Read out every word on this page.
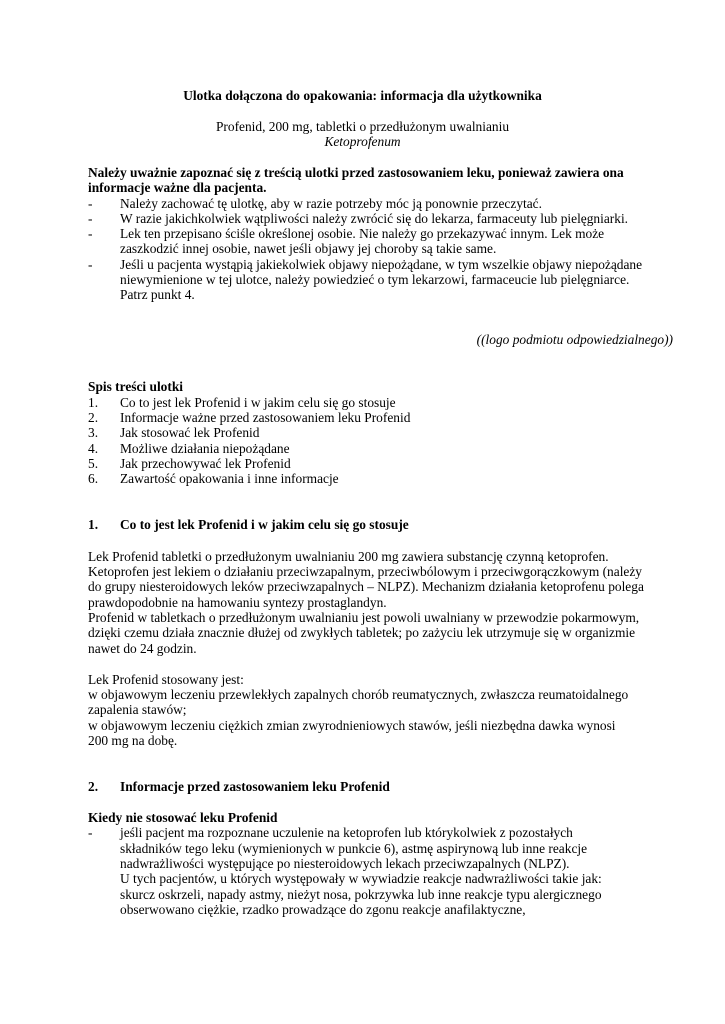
Ulotka dołączona do opakowania: informacja dla użytkownika
Profenid, 200 mg, tabletki o przedłużonym uwalnianiu
Ketoprofenum
Należy uważnie zapoznać się z treścią ulotki przed zastosowaniem leku, ponieważ zawiera ona
informacje ważne dla pacjenta.
- Należy zachować tę ulotkę, aby w razie potrzeby móc ją ponownie przeczytać.
- W razie jakichkolwiek wątpliwości należy zwrócić się do lekarza, farmaceuty lub pielęgniarki.
- Lek ten przepisano ściśle określonej osobie. Nie należy go przekazywać innym. Lek może
zaszkodzić innej osobie, nawet jeśli objawy jej choroby są takie same.
- Jeśli u pacjenta wystąpią jakiekolwiek objawy niepożądane, w tym wszelkie objawy niepożądane
niewymienione w tej ulotce, należy powiedzieć o tym lekarzowi, farmaceucie lub pielęgniarce.
Patrz punkt 4.
((logo podmiotu odpowiedzialnego))
Spis treści ulotki
1. Co to jest lek Profenid i w jakim celu się go stosuje
2. Informacje ważne przed zastosowaniem leku Profenid
3. Jak stosować lek Profenid
4. Możliwe działania niepożądane
5. Jak przechowywać lek Profenid
6. Zawartość opakowania i inne informacje
1. Co to jest lek Profenid i w jakim celu się go stosuje
Lek Profenid tabletki o przedłużonym uwalnianiu 200 mg zawiera substancję czynną ketoprofen.
Ketoprofen jest lekiem o działaniu przeciwzapalnym, przeciwbólowym i przeciwgorączkowym (należy
do grupy niesteroidowych leków przeciwzapalnych – NLPZ). Mechanizm działania ketoprofenu polega
prawdopodobnie na hamowaniu syntezy prostaglandyn.
Profenid w tabletkach o przedłużonym uwalnianiu jest powoli uwalniany w przewodzie pokarmowym,
dzięki czemu działa znacznie dłużej od zwykłych tabletek; po zażyciu lek utrzymuje się w organizmie
nawet do 24 godzin.
Lek Profenid stosowany jest:
w objawowym leczeniu przewlekłych zapalnych chorób reumatycznych, zwłaszcza reumatoidalnego
zapalenia stawów;
w objawowym leczeniu ciężkich zmian zwyrodnieniowych stawów, jeśli niezbędna dawka wynosi
200 mg na dobę.
2. Informacje przed zastosowaniem leku Profenid
Kiedy nie stosować leku Profenid
- jeśli pacjent ma rozpoznane uczulenie na ketoprofen lub którykolwiek z pozostałych
składników tego leku (wymienionych w punkcie 6), astmę aspirynową lub inne reakcje
nadwrażliwości występujące po niesteroidowych lekach przeciwzapalnych (NLPZ).
U tych pacjentów, u których występowały w wywiadzie reakcje nadwrażliwości takie jak:
skurcz oskrzeli, napady astmy, nieżyt nosa, pokrzywka lub inne reakcje typu alergicznego
obserwowano ciężkie, rzadko prowadzące do zgonu reakcje anafilaktyczne,
